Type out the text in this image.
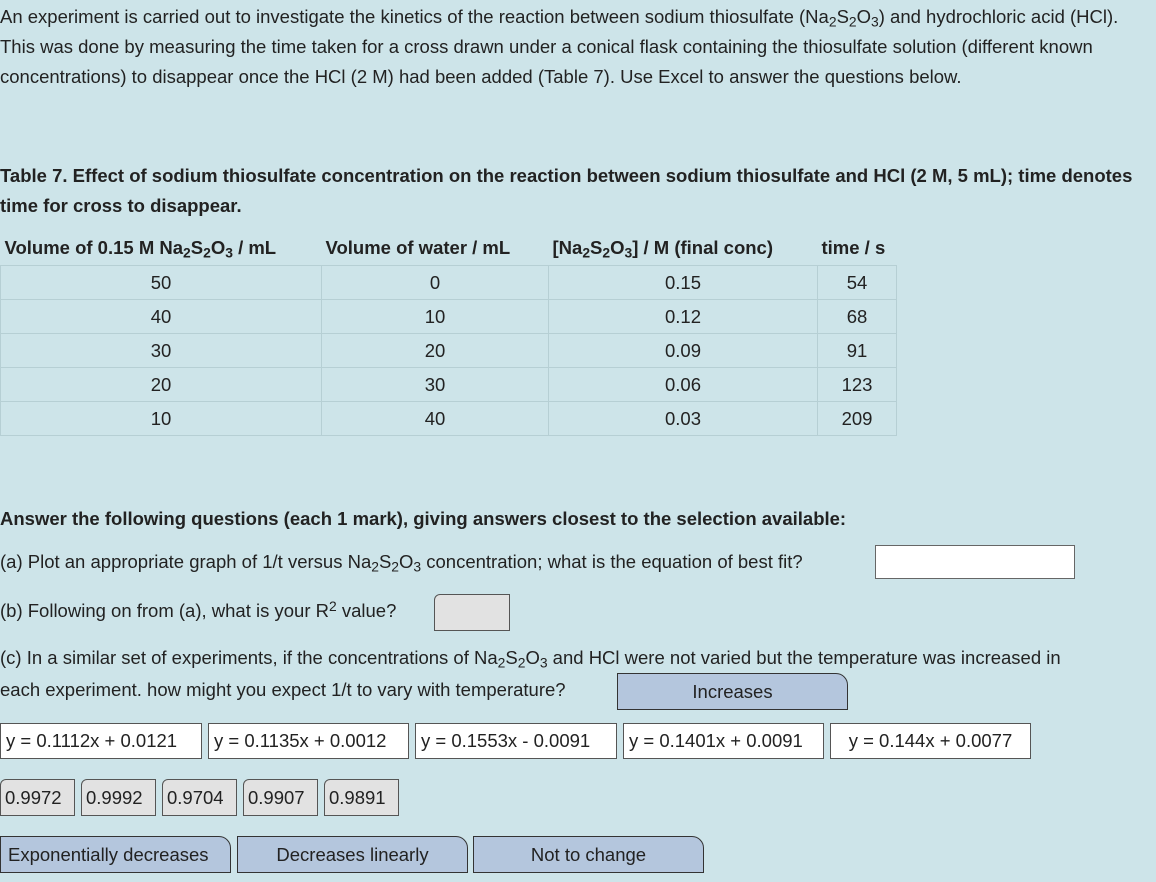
An experiment is carried out to investigate the kinetics of the reaction between sodium thiosulfate $(Na_2S_2O_3)$ and hydrochloric acid (HCl). This was done by measuring the time taken for a cross drawn under a conical flask containing the thiosulfate solution (different known concentrations) to disappear once the HCl (2 M) had been added (Table 7). Use Excel to answer the questions below.

Table 7. Effect of sodium thiosulfate concentration on the reaction between sodium thiosulfate and HCl (2 M, 5 mL); time denotes time for cross to disappear.

Volume of 0.15 M $Na_2S_2O_3$ / mL	Volume of water / mL	$[Na_2S_2O_3]$ / M (final conc)	time / s
50	0	0.15	54
40	10	0.12	68
30	20	0.09	91
20	30	0.06	123
10	40	0.03	209
Answer the following questions (each 1 mark), giving answers closest to the selection available:
(a) Plot an appropriate graph of 1/t versus $Na_2S_2O_3$ concentration; what is the equation of best fit?
(b) Following on from (a), what is your $R^2$ value?
(c) In a similar set of experiments, if the concentrations of $Na_2S_2O_3$ and HCl were not varied but the temperature was increased in
each experiment. how might you expect 1/t to vary with temperature?	Increases
y = 0.1112x + 0.0121	y = 0.1135x + 0.0012	y = 0.1553x - 0.0091	y = 0.1401x + 0.0091	y = 0.144x + 0.0077
0.9972	0.9992	0.9704	0.9907	0.9891
Exponentially decreases	Decreases linearly	Not to change
